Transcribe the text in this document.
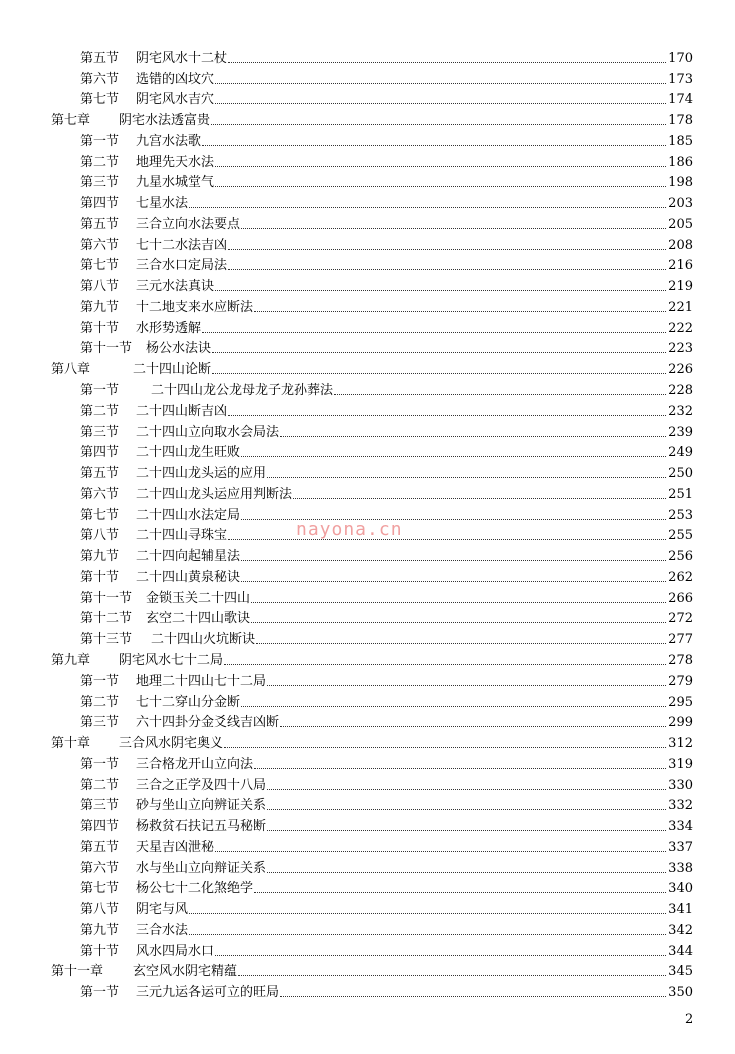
第五节	阴宅风水十二杖	170
第六节	选错的凶坟穴	173
第七节	阴宅风水吉穴	174
第七章	阴宅水法透富贵	178
第一节	九宫水法歌	185
第二节	地理先天水法	186
第三节	九星水城堂气	198
第四节	七星水法	203
第五节	三合立向水法要点	205
第六节	七十二水法吉凶	208
第七节	三合水口定局法	216
第八节	三元水法真诀	219
第九节	十二地支来水应断法	221
第十节	水形势透解	222
第十一节	杨公水法诀	223
第八章	二十四山论断	226
第一节	二十四山龙公龙母龙子龙孙葬法	228
第二节	二十四山断吉凶	232
第三节	二十四山立向取水会局法	239
第四节	二十四山龙生旺败	249
第五节	二十四山龙头运的应用	250
第六节	二十四山龙头运应用判断法	251
第七节	二十四山水法定局	253
第八节	二十四山寻珠宝	255
第九节	二十四向起辅星法	256
第十节	二十四山黄泉秘诀	262
第十一节	金锁玉关二十四山	266
第十二节	玄空二十四山歌诀	272
第十三节	二十四山火坑断诀	277
第九章	阴宅风水七十二局	278
第一节	地理二十四山七十二局	279
第二节	七十二穿山分金断	295
第三节	六十四卦分金爻线吉凶断	299
第十章	三合风水阴宅奥义	312
第一节	三合格龙开山立向法	319
第二节	三合之正学及四十八局	330
第三节	砂与坐山立向辨证关系	332
第四节	杨救贫石扶记五马秘断	334
第五节	天星吉凶泄秘	337
第六节	水与坐山立向辩证关系	338
第七节	杨公七十二化煞绝学	340
第八节	阴宅与风	341
第九节	三合水法	342
第十节	风水四局水口	344
第十一章	玄空风水阴宅精蕴	345
第一节	三元九运各运可立的旺局	350
nayona.cn
2
